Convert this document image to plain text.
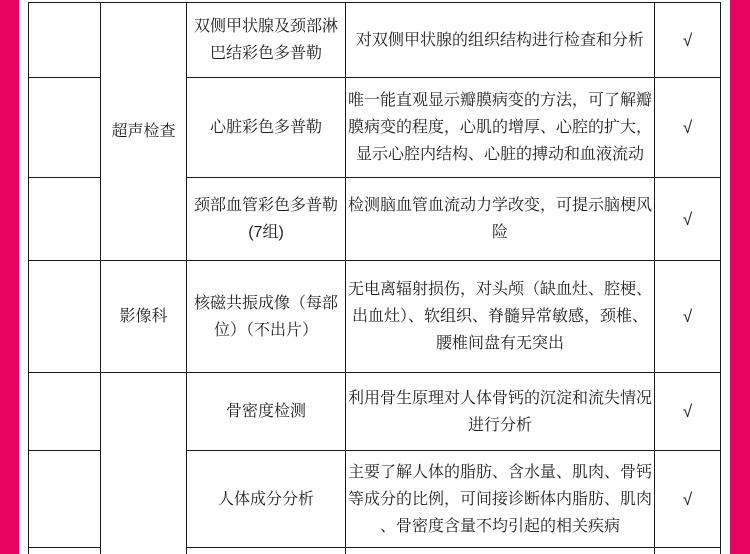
	超声检查	双侧甲状腺及颈部淋巴结彩色多普勒	对双侧甲状腺的组织结构进行检查和分析	√
		心脏彩色多普勒	唯一能直观显示瓣膜病变的方法，可了解瓣膜病变的程度，心肌的增厚、心腔的扩大，显示心腔内结构、心脏的搏动和血液流动	√
		颈部血管彩色多普勒(7组)	检测脑血管血流动力学改变，可提示脑梗风险	√
	影像科	核磁共振成像（每部位）（不出片）	无电离辐射损伤，对头颅（缺血灶、腔梗、出血灶）、软组织、脊髓异常敏感，颈椎、腰椎间盘有无突出	√
		骨密度检测	利用骨生原理对人体骨钙的沉淀和流失情况进行分析	√
		人体成分分析	主要了解人体的脂肪、含水量、肌肉、骨钙等成分的比例，可间接诊断体内脂肪、肌肉、骨密度含量不均引起的相关疾病	√
